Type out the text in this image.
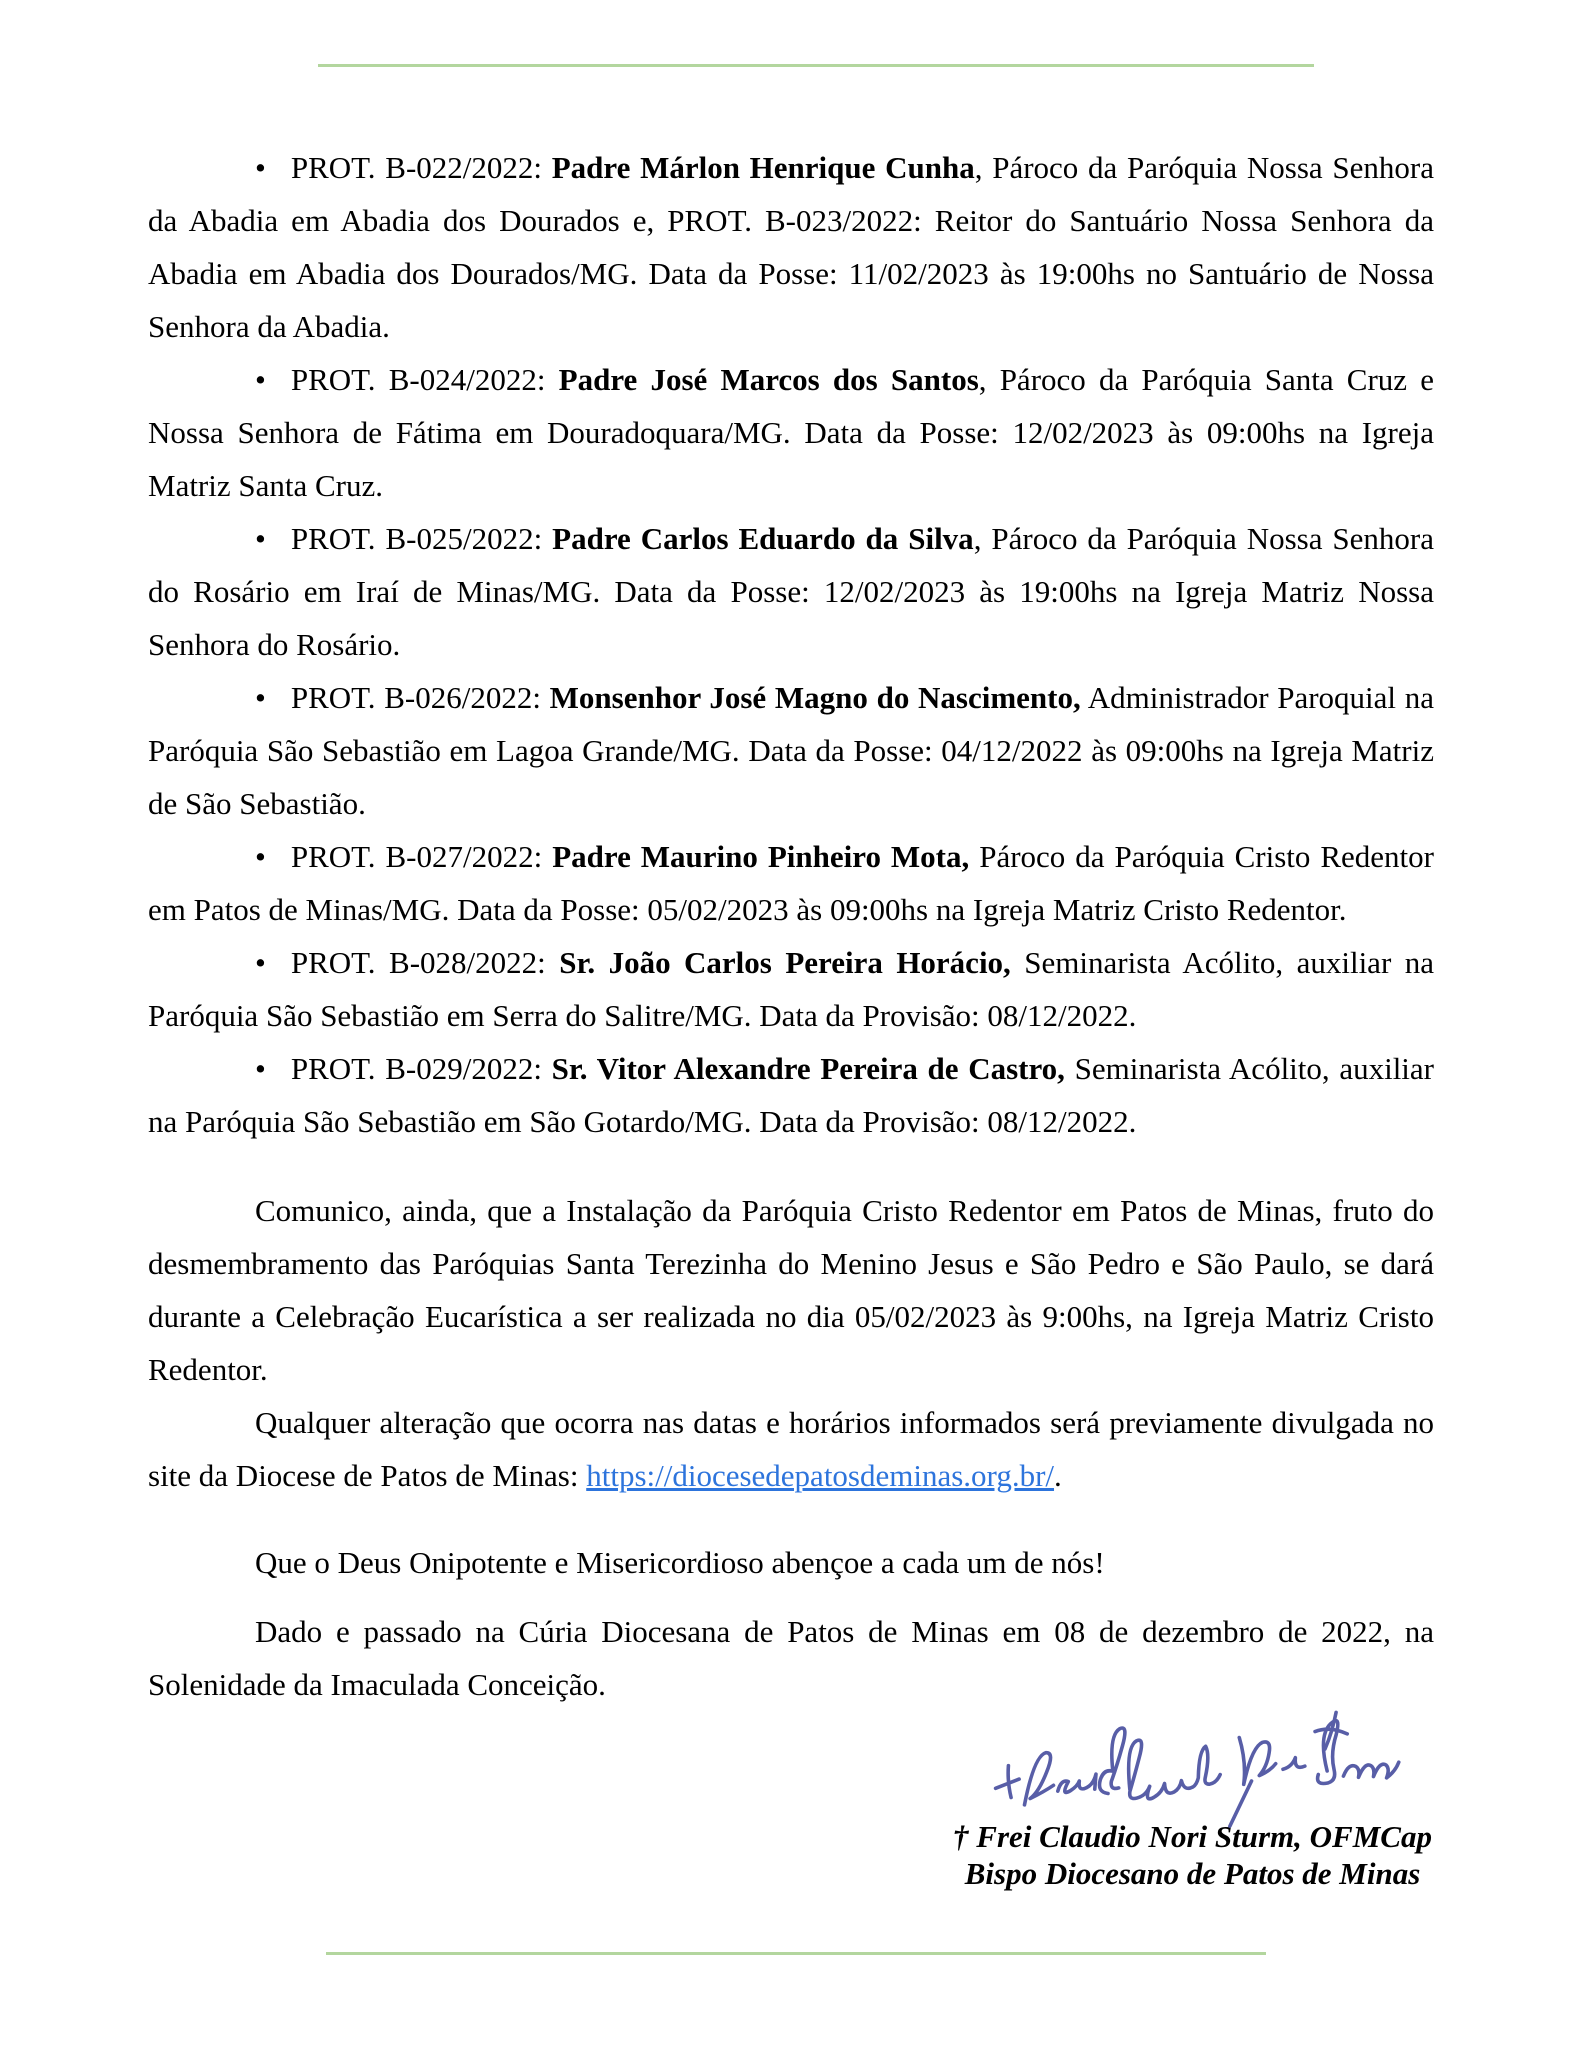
• PROT. B-022/2022: Padre Márlon Henrique Cunha, Pároco da Paróquia Nossa Senhora da Abadia em Abadia dos Dourados e, PROT. B-023/2022: Reitor do Santuário Nossa Senhora da Abadia em Abadia dos Dourados/MG. Data da Posse: 11/02/2023 às 19:00hs no Santuário de Nossa Senhora da Abadia.

• PROT. B-024/2022: Padre José Marcos dos Santos, Pároco da Paróquia Santa Cruz e Nossa Senhora de Fátima em Douradoquara/MG. Data da Posse: 12/02/2023 às 09:00hs na Igreja Matriz Santa Cruz.

• PROT. B-025/2022: Padre Carlos Eduardo da Silva, Pároco da Paróquia Nossa Senhora do Rosário em Iraí de Minas/MG. Data da Posse: 12/02/2023 às 19:00hs na Igreja Matriz Nossa Senhora do Rosário.

• PROT. B-026/2022: Monsenhor José Magno do Nascimento, Administrador Paroquial na Paróquia São Sebastião em Lagoa Grande/MG. Data da Posse: 04/12/2022 às 09:00hs na Igreja Matriz de São Sebastião.

• PROT. B-027/2022: Padre Maurino Pinheiro Mota, Pároco da Paróquia Cristo Redentor em Patos de Minas/MG. Data da Posse: 05/02/2023 às 09:00hs na Igreja Matriz Cristo Redentor.

• PROT. B-028/2022: Sr. João Carlos Pereira Horácio, Seminarista Acólito, auxiliar na Paróquia São Sebastião em Serra do Salitre/MG. Data da Provisão: 08/12/2022.

• PROT. B-029/2022: Sr. Vitor Alexandre Pereira de Castro, Seminarista Acólito, auxiliar na Paróquia São Sebastião em São Gotardo/MG. Data da Provisão: 08/12/2022.

Comunico, ainda, que a Instalação da Paróquia Cristo Redentor em Patos de Minas, fruto do desmembramento das Paróquias Santa Terezinha do Menino Jesus e São Pedro e São Paulo, se dará durante a Celebração Eucarística a ser realizada no dia 05/02/2023 às 9:00hs, na Igreja Matriz Cristo Redentor.

Qualquer alteração que ocorra nas datas e horários informados será previamente divulgada no site da Diocese de Patos de Minas: https://diocesedepatosdeminas.org.br/.

Que o Deus Onipotente e Misericordioso abençoe a cada um de nós!

Dado e passado na Cúria Diocesana de Patos de Minas em 08 de dezembro de 2022, na Solenidade da Imaculada Conceição.

† Frei Claudio Nori Sturm, OFMCap

Bispo Diocesano de Patos de Minas
